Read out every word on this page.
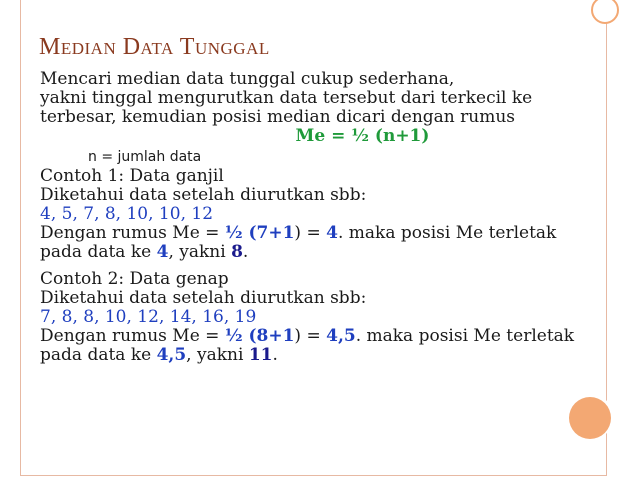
Median Data Tunggal
Mencari median data tunggal cukup sederhana,
yakni tinggal mengurutkan data tersebut dari terkecil ke
terbesar, kemudian posisi median dicari dengan rumus
Me = ½ (n+1)
n = jumlah data
Contoh 1: Data ganjil
Diketahui data setelah diurutkan sbb:
4, 5, 7, 8, 10, 10, 12
Dengan rumus Me = ½ (7+1) = 4. maka posisi Me terletak
pada data ke 4, yakni 8.
Contoh 2: Data genap
Diketahui data setelah diurutkan sbb:
7, 8, 8, 10, 12, 14, 16, 19
Dengan rumus Me = ½ (8+1) = 4,5. maka posisi Me terletak
pada data ke 4,5, yakni 11.
